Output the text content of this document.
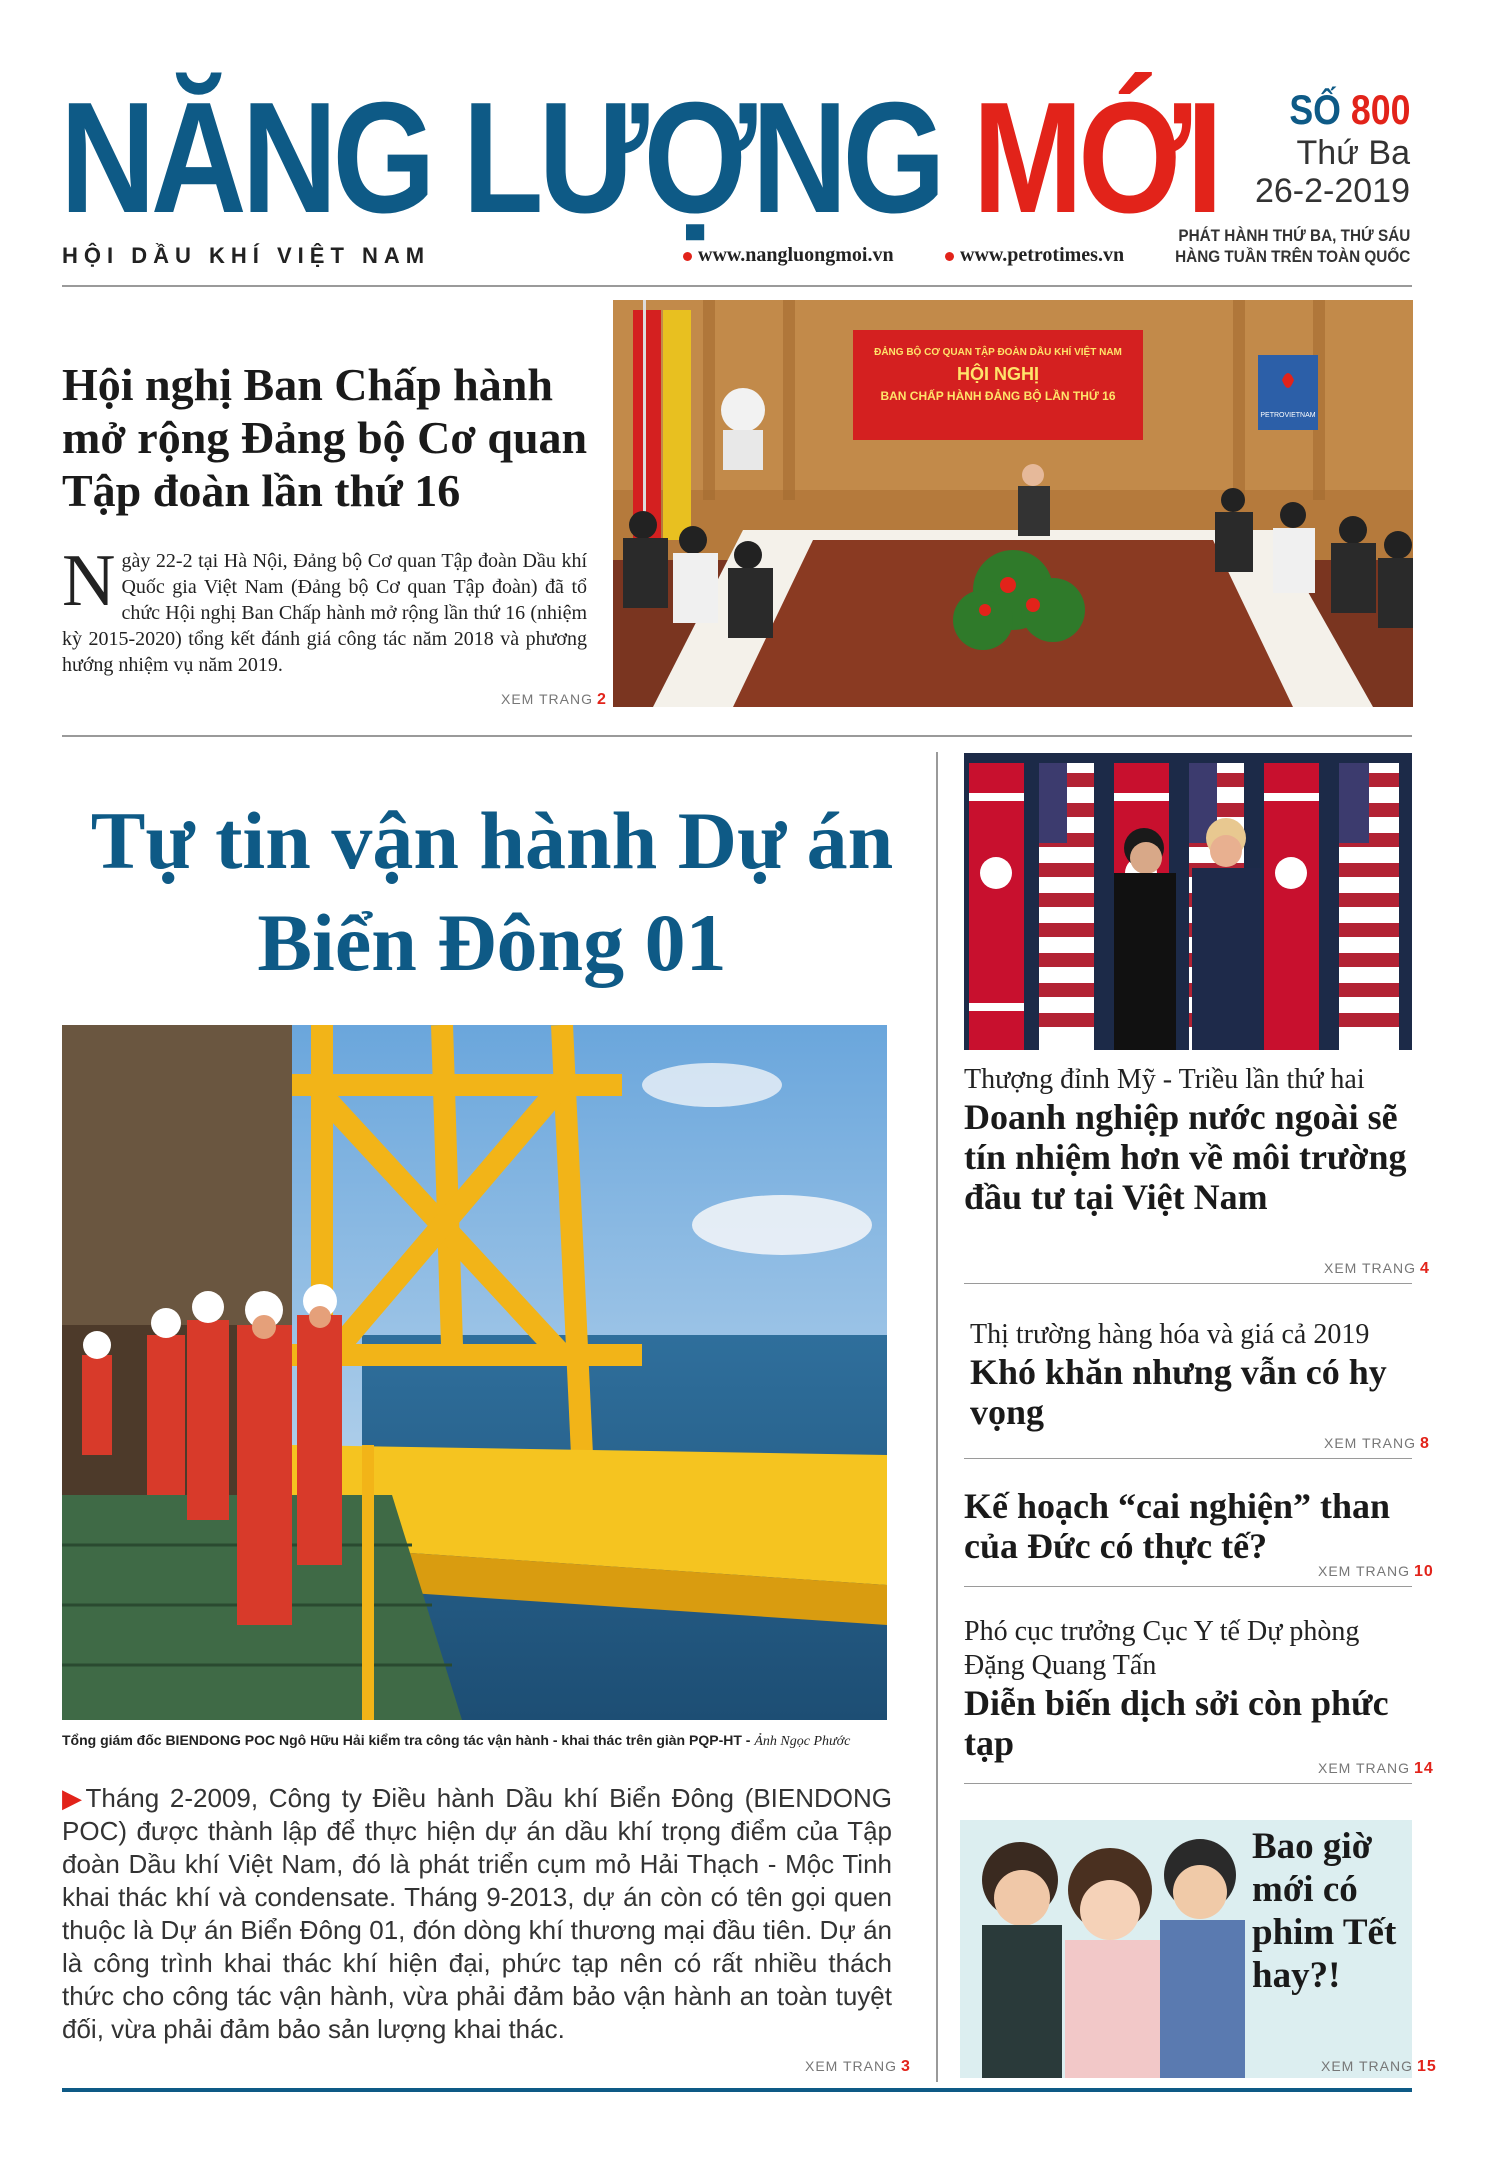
NĂNG LƯỢNG MỚI
HỘI DẦU KHÍ VIỆT NAM	www.nangluongmoi.vn	www.petrotimes.vn
SỐ 800
Thứ Ba
26-2-2019
PHÁT HÀNH THỨ BA, THỨ SÁU
HÀNG TUẦN TRÊN TOÀN QUỐC
Hội nghị Ban Chấp hành mở rộng Đảng bộ Cơ quan Tập đoàn lần thứ 16
Ngày 22-2 tại Hà Nội, Đảng bộ Cơ quan Tập đoàn Dầu khí Quốc gia Việt Nam (Đảng bộ Cơ quan Tập đoàn) đã tổ chức Hội nghị Ban Chấp hành mở rộng lần thứ 16 (nhiệm kỳ 2015-2020) tổng kết đánh giá công tác năm 2018 và phương hướng nhiệm vụ năm 2019.
XEM TRANG 2
ĐẢNG BỘ CƠ QUAN TẬP ĐOÀN DẦU KHÍ VIỆT NAM
HỘI NGHỊ
BAN CHẤP HÀNH ĐẢNG BỘ LẦN THỨ 16
PETROVIETNAM
Tự tin vận hành Dự án Biển Đông 01
Tổng giám đốc BIENDONG POC Ngô Hữu Hải kiểm tra công tác vận hành - khai thác trên giàn PQP-HT - Ảnh Ngọc Phước
▶Tháng 2-2009, Công ty Điều hành Dầu khí Biển Đông (BIENDONG POC) được thành lập để thực hiện dự án dầu khí trọng điểm của Tập đoàn Dầu khí Việt Nam, đó là phát triển cụm mỏ Hải Thạch - Mộc Tinh khai thác khí và condensate. Tháng 9-2013, dự án còn có tên gọi quen thuộc là Dự án Biển Đông 01, đón dòng khí thương mại đầu tiên. Dự án là công trình khai thác khí hiện đại, phức tạp nên có rất nhiều thách thức cho công tác vận hành, vừa phải đảm bảo vận hành an toàn tuyệt đối, vừa phải đảm bảo sản lượng khai thác.
XEM TRANG 3
Thượng đỉnh Mỹ - Triều lần thứ hai
Doanh nghiệp nước ngoài sẽ tín nhiệm hơn về môi trường đầu tư tại Việt Nam
XEM TRANG 4
Thị trường hàng hóa và giá cả 2019
Khó khăn nhưng vẫn có hy vọng
XEM TRANG 8
Kế hoạch “cai nghiện” than của Đức có thực tế?
XEM TRANG 10
Phó cục trưởng Cục Y tế Dự phòng Đặng Quang Tấn
Diễn biến dịch sởi còn phức tạp
XEM TRANG 14
Bao giờ mới có phim Tết hay?!
XEM TRANG 15
